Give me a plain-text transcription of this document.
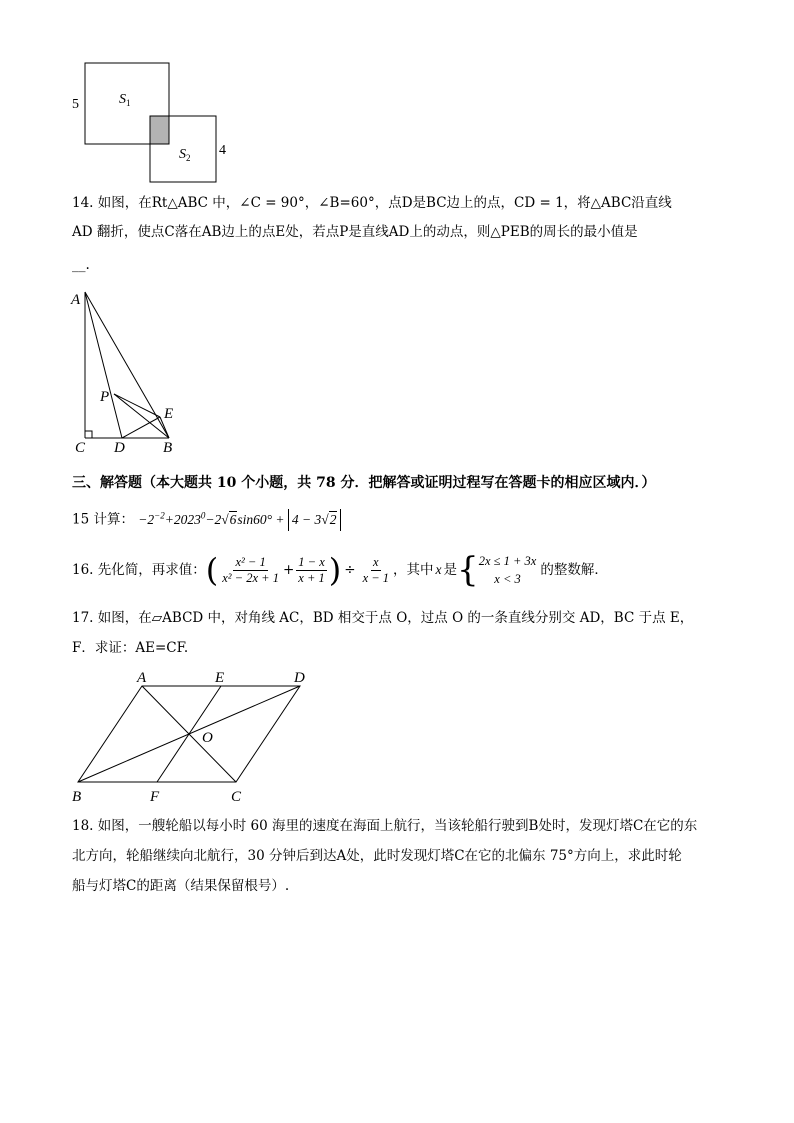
5
4
$S_1$
$S_2$
14. 如图，在Rt△ABC 中，∠C = 90°，∠B=60°，点D是BC边上的点，CD = 1，将△ABC沿直线
AD 翻折，使点C落在AB边上的点E处，若点P是直线AD上的动点，则△PEB的周长的最小值是
__.
A
P
E
C D	B
三、解答题（本大题共 10 个小题，共 78 分．把解答或证明过程写在答题卡的相应区域内．）
15 计算： $-2^{-2}+2023^0-2√6\sin 60^\circ + 4 - 3√2$
16. 先化简，再求值： ( $\frac{\text{x² − 1}}{\text{x² − 2x + 1}} + \frac{1 - x}{x + 1}$ ) ÷ $\frac{x}{x - 1}$ ，其中 x 是 { 2x ≤ 1 + 3x
x < 3
的整数解．
17. 如图，在▱ABCD 中，对角线 AC，BD 相交于点 O，过点 O 的一条直线分别交 AD，BC 于点 E，
F．求证：AE=CF.
A	E	D
O
B	F	C
18. 如图，一艘轮船以每小时 60 海里的速度在海面上航行，当该轮船行驶到B处时，发现灯塔C在它的东
北方向，轮船继续向北航行，30 分钟后到达A处，此时发现灯塔C在它的北偏东 75°方向上，求此时轮
船与灯塔C的距离（结果保留根号）.
